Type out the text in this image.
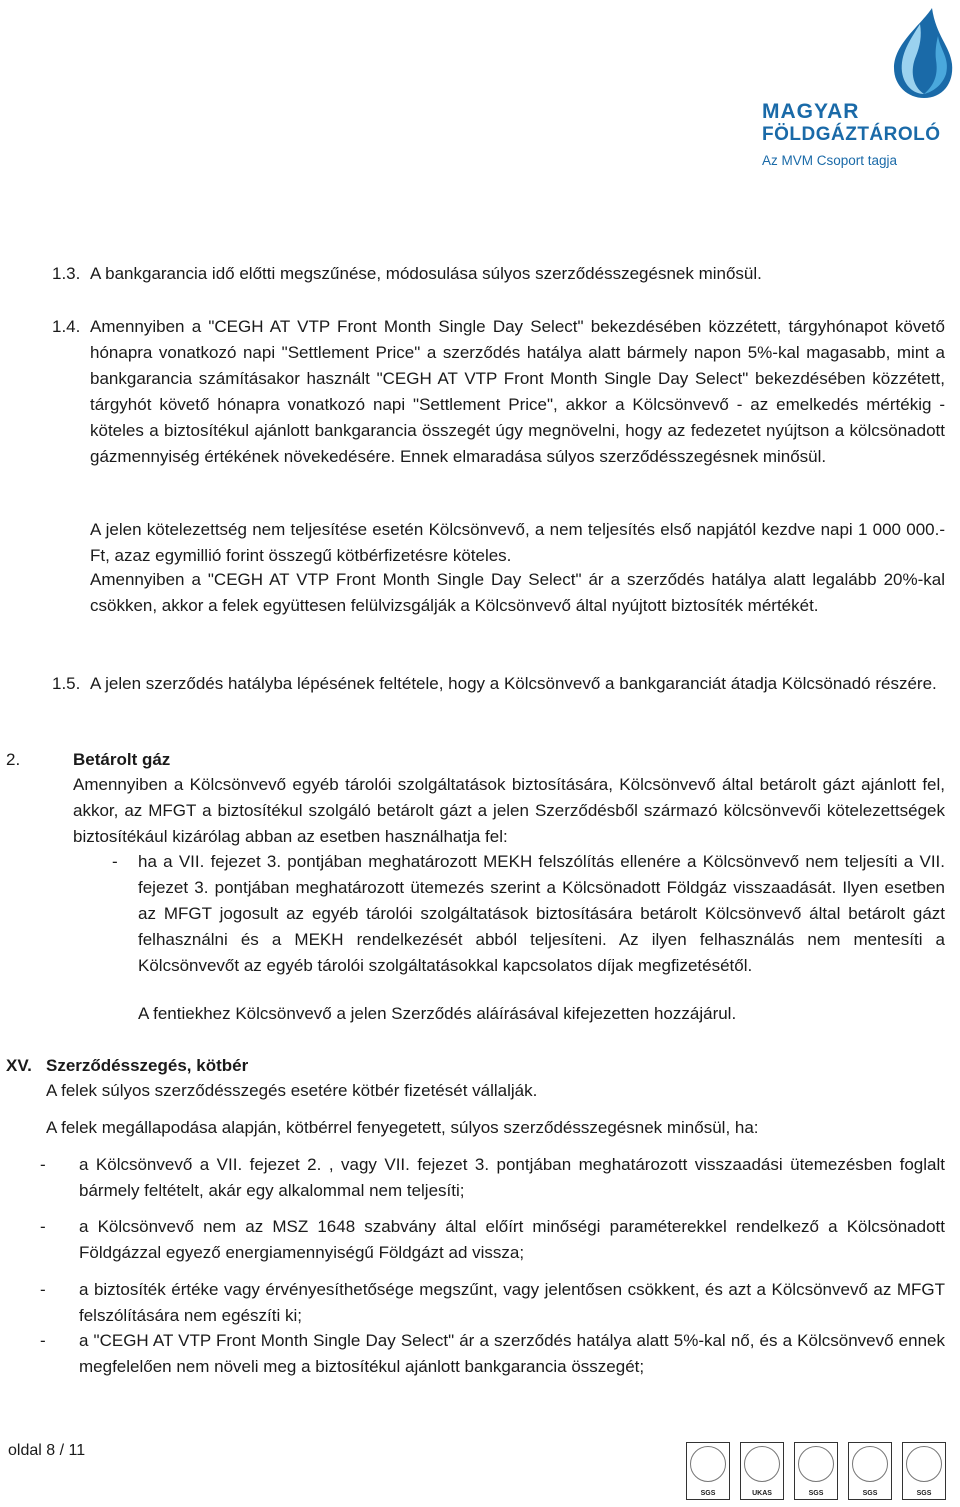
MAGYAR
FÖLDGÁZTÁROLÓ
Az MVM Csoport tagja
1.3. A bankgarancia idő előtti megszűnése, módosulása súlyos szerződésszegésnek minősül.
1.4. Amennyiben a "CEGH AT VTP Front Month Single Day Select" bekezdésében közzétett, tárgyhónapot követő hónapra vonatkozó napi "Settlement Price" a szerződés hatálya alatt bármely napon 5%-kal magasabb, mint a bankgarancia számításakor használt "CEGH AT VTP Front Month Single Day Select" bekezdésében közzétett, tárgyhót követő hónapra vonatkozó napi "Settlement Price", akkor a Kölcsönvevő - az emelkedés mértékig - köteles a biztosítékul ajánlott bankgarancia összegét úgy megnövelni, hogy az fedezetet nyújtson a kölcsönadott gázmennyiség értékének növekedésére. Ennek elmaradása súlyos szerződésszegésnek minősül.
A jelen kötelezettség nem teljesítése esetén Kölcsönvevő, a nem teljesítés első napjától kezdve napi 1 000 000.-Ft, azaz egymillió forint összegű kötbérfizetésre köteles.
Amennyiben a "CEGH AT VTP Front Month Single Day Select" ár a szerződés hatálya alatt legalább 20%-kal csökken, akkor a felek együttesen felülvizsgálják a Kölcsönvevő által nyújtott biztosíték mértékét.
1.5. A jelen szerződés hatályba lépésének feltétele, hogy a Kölcsönvevő a bankgaranciát átadja Kölcsönadó részére.
2.	Betárolt gáz
Amennyiben a Kölcsönvevő egyéb tárolói szolgáltatások biztosítására, Kölcsönvevő által betárolt gázt ajánlott fel, akkor, az MFGT a biztosítékul szolgáló betárolt gázt a jelen Szerződésből származó kölcsönvevői kötelezettségek biztosítékául kizárólag abban az esetben használhatja fel:
- ha a VII. fejezet 3. pontjában meghatározott MEKH felszólítás ellenére a Kölcsönvevő nem teljesíti a VII. fejezet 3. pontjában meghatározott ütemezés szerint a Kölcsönadott Földgáz visszaadását. Ilyen esetben az MFGT jogosult az egyéb tárolói szolgáltatások biztosítására betárolt Kölcsönvevő által betárolt gázt felhasználni és a MEKH rendelkezését abból teljesíteni. Az ilyen felhasználás nem mentesíti a Kölcsönvevőt az egyéb tárolói szolgáltatásokkal kapcsolatos díjak megfizetésétől.
A fentiekhez Kölcsönvevő a jelen Szerződés aláírásával kifejezetten hozzájárul.
XV. Szerződésszegés, kötbér
A felek súlyos szerződésszegés esetére kötbér fizetését vállalják.
A felek megállapodása alapján, kötbérrel fenyegetett, súlyos szerződésszegésnek minősül, ha:
- a Kölcsönvevő a VII. fejezet 2. , vagy VII. fejezet 3. pontjában meghatározott visszaadási ütemezésben foglalt bármely feltételt, akár egy alkalommal nem teljesíti;
- a Kölcsönvevő nem az MSZ 1648 szabvány által előírt minőségi paraméterekkel rendelkező a Kölcsönadott Földgázzal egyező energiamennyiségű Földgázt ad vissza;
- a biztosíték értéke vagy érvényesíthetősége megszűnt, vagy jelentősen csökkent, és azt a Kölcsönvevő az MFGT felszólítására nem egészíti ki;
- a "CEGH AT VTP Front Month Single Day Select" ár a szerződés hatálya alatt 5%-kal nő, és a Kölcsönvevő ennek megfelelően nem növeli meg a biztosítékul ajánlott bankgarancia összegét;
oldal 8 / 11
SGS	UKAS	SGS	SGS	SGS
